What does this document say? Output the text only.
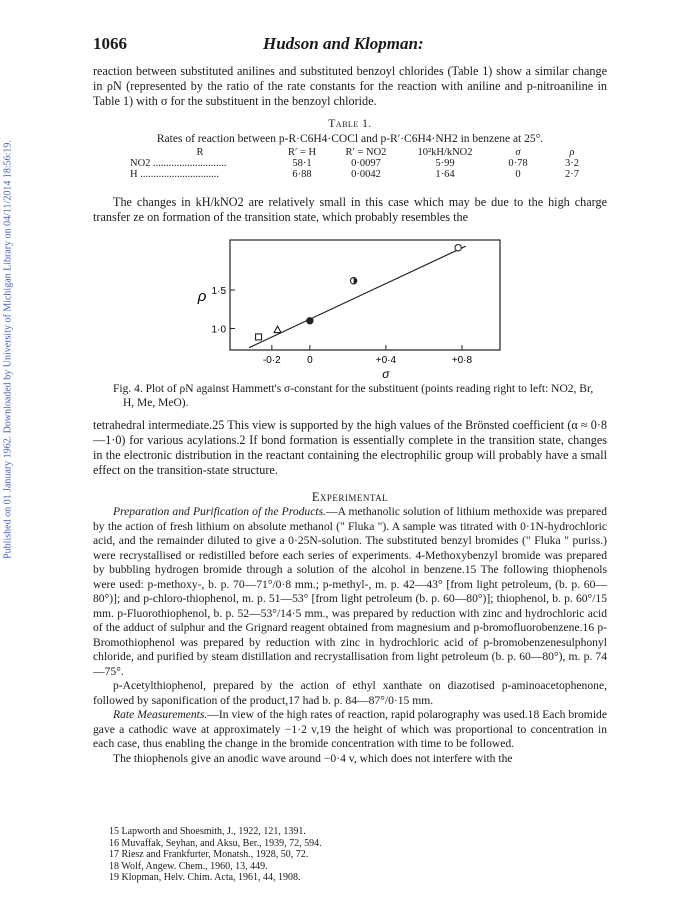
Published on 01 January 1962. Downloaded by University of Michigan Library on 04/11/2014 18:56:19.
1066	Hudson and Klopman:

reaction between substituted anilines and substituted benzoyl chlorides (Table 1) show a similar change in ρN (represented by the ratio of the rate constants for the reaction with aniline and p-nitroaniline in Table 1) with σ for the substituent in the benzoyl chloride.

Table 1.
Rates of reaction between p-R·C6H4·COCl and p-R′·C6H4·NH2 in benzene at 25°.
R	R′ = H	R′ = NO2	10²kH/kNO2	σ	ρ
NO2 ............................	58·1	0·0097	5·99	0·78	3·2
H ..............................	6·88	0·0042	1·64	0	2·7

The changes in kH/kNO2 are relatively small in this case which may be due to the high charge transfer ze on formation of the transition state, which probably resembles the

-0·2	0	+0·4	+0·8
1·0
1·5
σ
ρ

Fig. 4. Plot of ρN against Hammett's σ-constant for the substituent (points reading right to left: NO2, Br, H, Me, MeO).

tetrahedral intermediate.25 This view is supported by the high values of the Brönsted coefficient (α ≈ 0·8—1·0) for various acylations.2 If bond formation is essentially complete in the transition state, changes in the electronic distribution in the reactant containing the electrophilic group will probably have a small effect on the transition-state structure.

Experimental

Preparation and Purification of the Products.—A methanolic solution of lithium methoxide was prepared by the action of fresh lithium on absolute methanol (" Fluka "). A sample was titrated with 0·1N-hydrochloric acid, and the remainder diluted to give a 0·25N-solution. The substituted benzyl bromides (" Fluka " puriss.) were recrystallised or redistilled before each series of experiments. 4-Methoxybenzyl bromide was prepared by bubbling hydrogen bromide through a solution of the alcohol in benzene.15 The following thiophenols were used: p-methoxy-, b. p. 70—71°/0·8 mm.; p-methyl-, m. p. 42—43° [from light petroleum, (b. p. 60—80°)]; and p-chloro-thiophenol, m. p. 51—53° [from light petroleum (b. p. 60—80°)]; thiophenol, b. p. 60°/15 mm. p-Fluorothiophenol, b. p. 52—53°/14·5 mm., was prepared by reduction with zinc and hydrochloric acid of the adduct of sulphur and the Grignard reagent obtained from magnesium and p-bromofluorobenzene.16 p-Bromothiophenol was prepared by reduction with zinc in hydrochloric acid of p-bromobenzenesulphonyl chloride, and purified by steam distillation and recrystallisation from light petroleum (b. p. 60—80°), m. p. 74—75°.

p-Acetylthiophenol, prepared by the action of ethyl xanthate on diazotised p-aminoacetophenone, followed by saponification of the product,17 had b. p. 84—87°/0·15 mm.

Rate Measurements.—In view of the high rates of reaction, rapid polarography was used.18 Each bromide gave a cathodic wave at approximately −1·2 v,19 the height of which was proportional to concentration in each case, thus enabling the change in the bromide concentration with time to be followed.

The thiophenols give an anodic wave around −0·4 v, which does not interfere with the

15 Lapworth and Shoesmith, J., 1922, 121, 1391.
16 Muvaffak, Seyhan, and Aksu, Ber., 1939, 72, 594.
17 Riesz and Frankfurter, Monatsh., 1928, 50, 72.
18 Wolf, Angew. Chem., 1960, 13, 449.
19 Klopman, Helv. Chim. Acta, 1961, 44, 1908.
